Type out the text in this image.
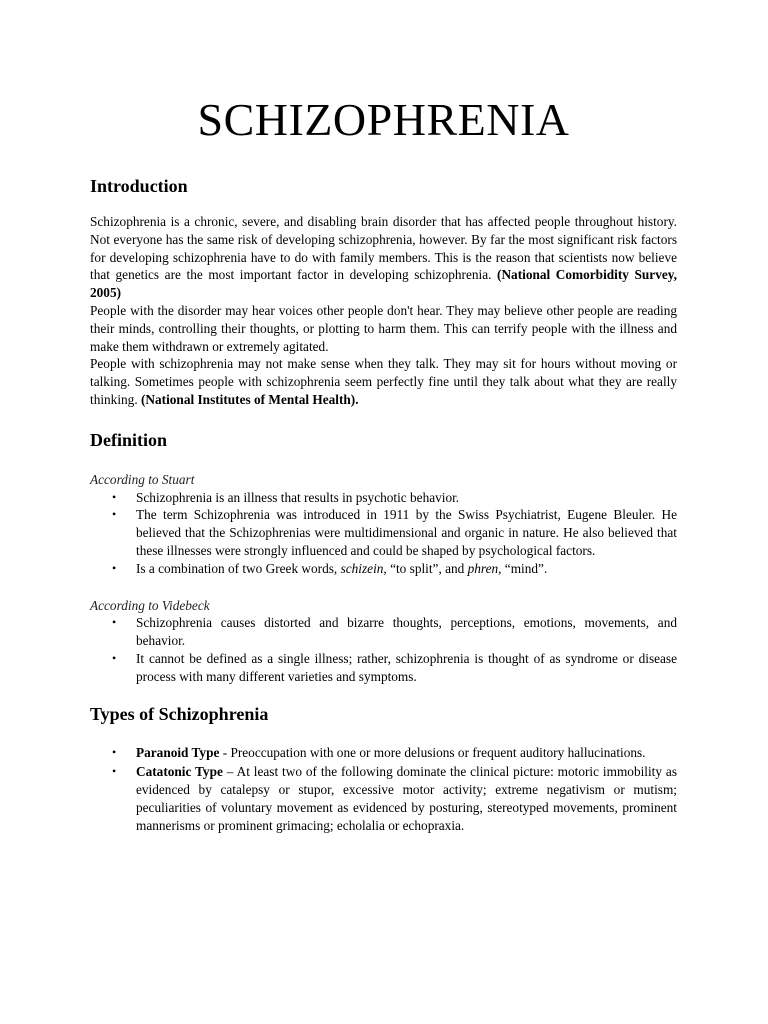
SCHIZOPHRENIA
Introduction

Schizophrenia is a chronic, severe, and disabling brain disorder that has affected people throughout history. Not everyone has the same risk of developing schizophrenia, however. By far the most significant risk factors for developing schizophrenia have to do with family members. This is the reason that scientists now believe that genetics are the most important factor in developing schizophrenia. (National Comorbidity Survey, 2005)

People with the disorder may hear voices other people don't hear. They may believe other people are reading their minds, controlling their thoughts, or plotting to harm them. This can terrify people with the illness and make them withdrawn or extremely agitated.

People with schizophrenia may not make sense when they talk. They may sit for hours without moving or talking. Sometimes people with schizophrenia seem perfectly fine until they talk about what they are really thinking. (National Institutes of Mental Health).

Definition

According to Stuart

• Schizophrenia is an illness that results in psychotic behavior.
• The term Schizophrenia was introduced in 1911 by the Swiss Psychiatrist, Eugene Bleuler. He believed that the Schizophrenias were multidimensional and organic in nature. He also believed that these illnesses were strongly influenced and could be shaped by psychological factors.
• Is a combination of two Greek words, schizein, “to split”, and phren, “mind”.

According to Videbeck

• Schizophrenia causes distorted and bizarre thoughts, perceptions, emotions, movements, and behavior.
• It cannot be defined as a single illness; rather, schizophrenia is thought of as syndrome or disease process with many different varieties and symptoms.
Types of Schizophrenia
• Paranoid Type - Preoccupation with one or more delusions or frequent auditory hallucinations.
• Catatonic Type – At least two of the following dominate the clinical picture: motoric immobility as evidenced by catalepsy or stupor, excessive motor activity; extreme negativism or mutism; peculiarities of voluntary movement as evidenced by posturing, stereotyped movements, prominent mannerisms or prominent grimacing; echolalia or echopraxia.
